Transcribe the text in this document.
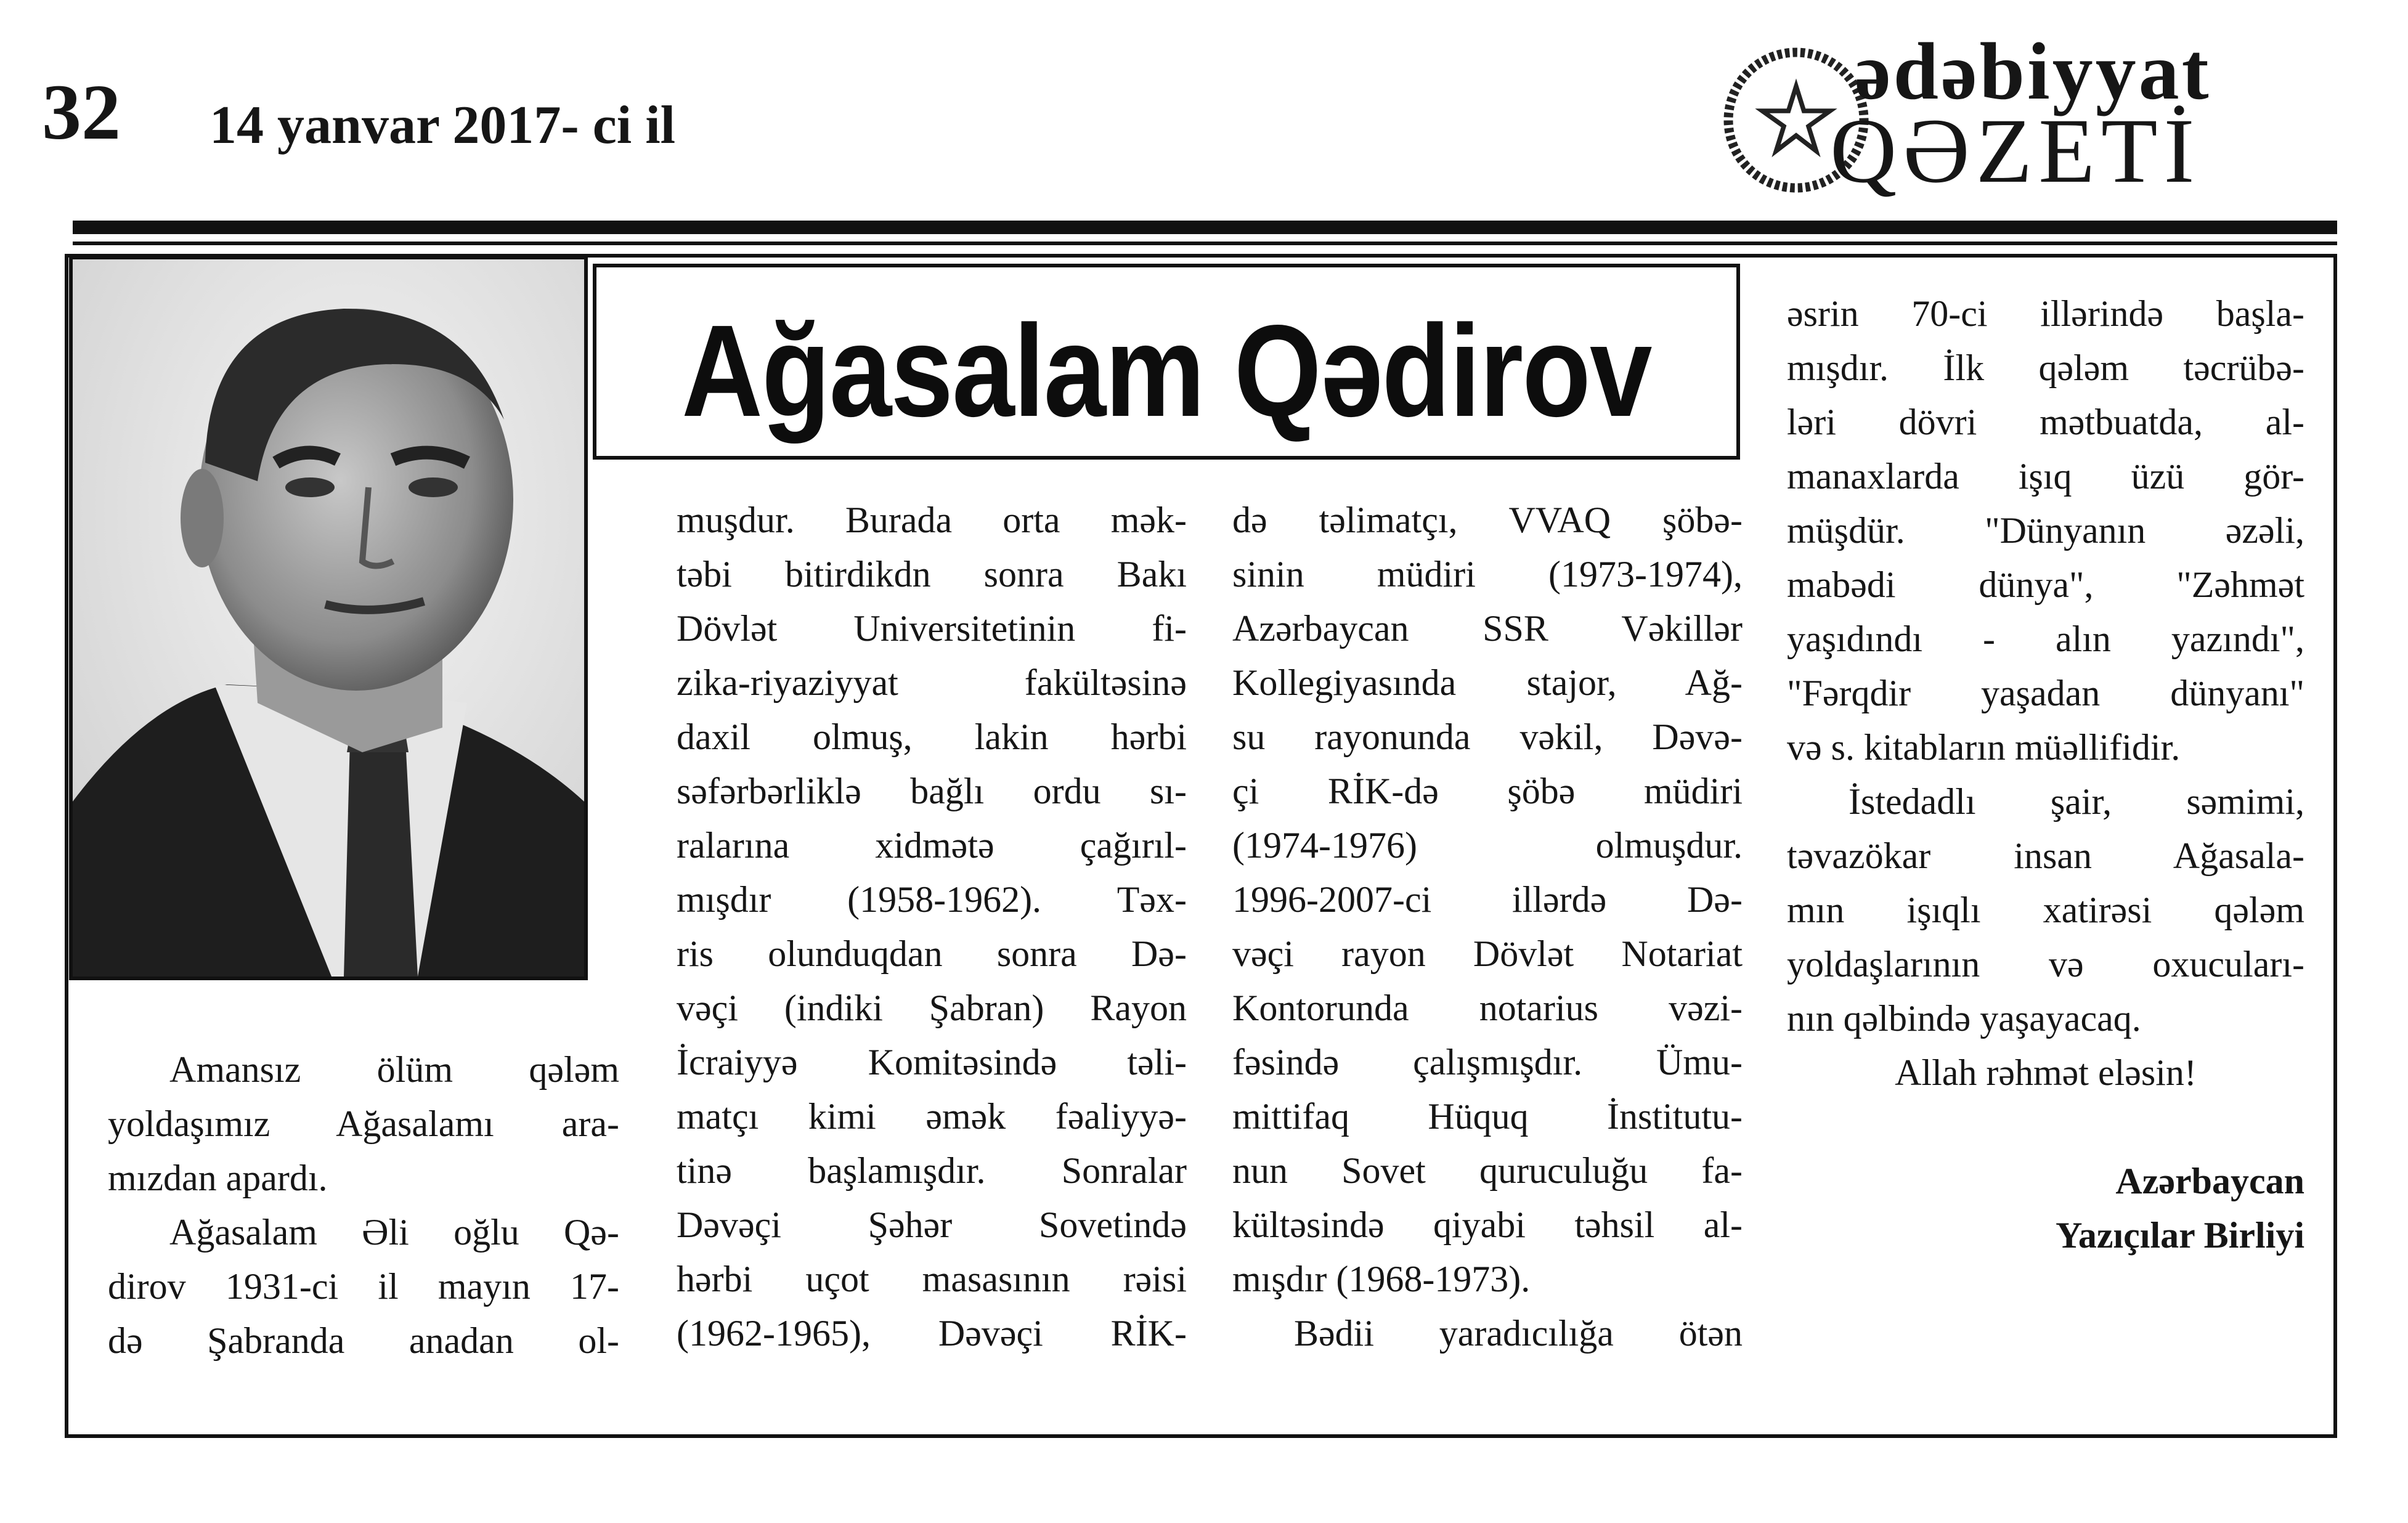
32 14 yanvar 2017- ci il
ədəbiyyat
QƏZETİ
Ağasalam Qədirov
Amansız ölüm qələm
yoldaşımız Ağasalamı ara-
mızdan apardı.
Ağasalam Əli oğlu Qə-
dirov 1931-ci il mayın 17-
də Şabranda anadan ol-
muşdur. Burada orta mək-
təbi bitirdikdn sonra Bakı
Dövlət Universitetinin fi-
zika-riyaziyyat fakültəsinə
daxil olmuş, lakin hərbi
səfərbərliklə bağlı ordu sı-
ralarına xidmətə çağırıl-
mışdır (1958-1962). Təx-
ris olunduqdan sonra Də-
vəçi (indiki Şabran) Rayon
İcraiyyə Komitəsində təli-
matçı kimi əmək fəaliyyə-
tinə başlamışdır. Sonralar
Dəvəçi Şəhər Sovetində
hərbi uçot masasının rəisi
(1962-1965), Dəvəçi RİK-
də təlimatçı, VVAQ şöbə-
sinin müdiri (1973-1974),
Azərbaycan SSR Vəkillər
Kollegiyasında stajor, Ağ-
su rayonunda vəkil, Dəvə-
çi RİK-də şöbə müdiri
(1974-1976) olmuşdur.
1996-2007-ci illərdə Də-
vəçi rayon Dövlət Notariat
Kontorunda notarius vəzi-
fəsində çalışmışdır. Ümu-
mittifaq Hüquq İnstitutu-
nun Sovet quruculuğu fa-
kültəsində qiyabi təhsil al-
mışdır (1968-1973).
Bədii yaradıcılığa ötən
əsrin 70-ci illərində başla-
mışdır. İlk qələm təcrübə-
ləri dövri mətbuatda, al-
manaxlarda işıq üzü gör-
müşdür. "Dünyanın əzəli,
mabədi dünya", "Zəhmət
yaşıdındı - alın yazındı",
"Fərqdir yaşadan dünyanı"
və s. kitabların müəllifidir.
İstedadlı şair, səmimi,
təvazökar insan Ağasala-
mın işıqlı xatirəsi qələm
yoldaşlarının və oxucuları-
nın qəlbində yaşayacaq.
Allah rəhmət eləsin!
Azərbaycan
Yazıçılar Birliyi
